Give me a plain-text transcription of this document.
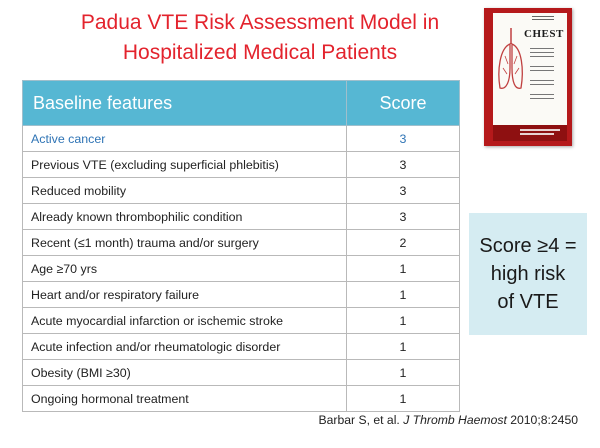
Padua VTE Risk Assessment Model in
Hospitalized Medical Patients
Baseline features	Score
Active cancer	3
Previous VTE (excluding superficial phlebitis)	3
Reduced mobility	3
Already known thrombophilic condition	3
Recent (≤1 month) trauma and/or surgery	2
Age ≥70 yrs	1
Heart and/or respiratory failure	1
Acute myocardial infarction or ischemic stroke	1
Acute infection and/or rheumatologic disorder	1
Obesity (BMI ≥30)	1
Ongoing hormonal treatment	1
CHEST
Score ≥4 =
high risk
of VTE
Barbar S, et al. J Thromb Haemost 2010;8:2450
